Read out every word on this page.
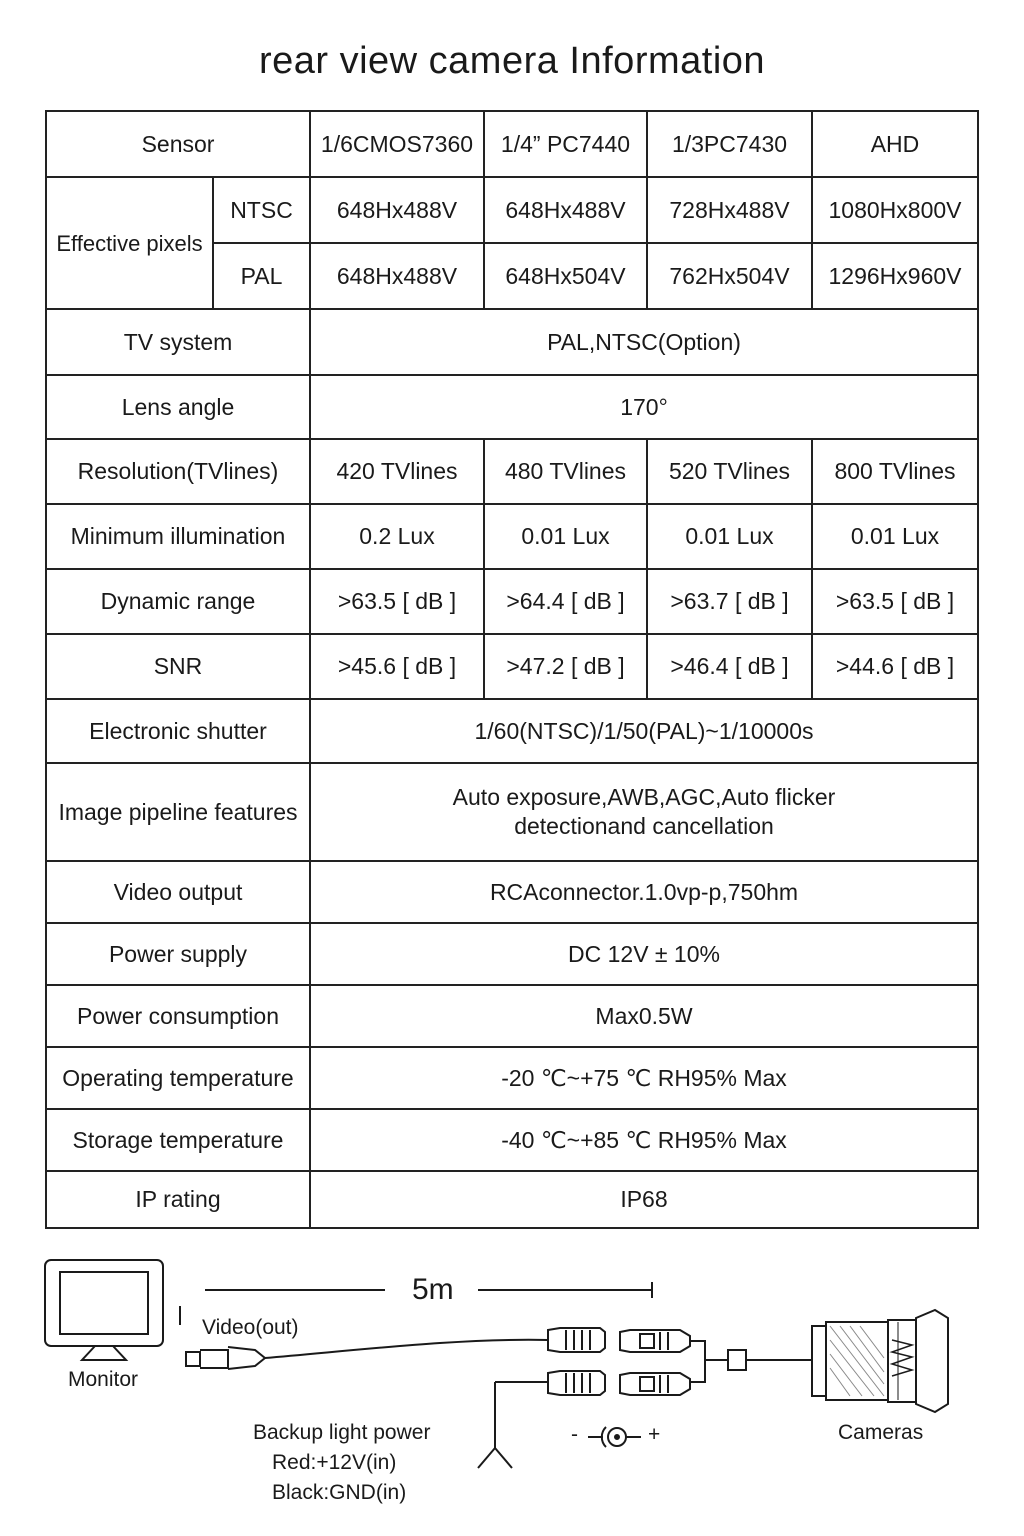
rear view camera Information
Sensor		1/6CMOS7360	1/4” PC7440	1/3PC7430	AHD
Effective pixels	NTSC	648Hx488V	648Hx488V	728Hx488V	1080Hx800V
	PAL	648Hx488V	648Hx504V	762Hx504V	1296Hx960V
TV system		PAL,NTSC(Option)			
Lens angle		170°			
Resolution(TVlines)		420 TVlines	480 TVlines	520 TVlines	800 TVlines
Minimum illumination		0.2 Lux	0.01 Lux	0.01 Lux	0.01 Lux
Dynamic range		>63.5 [ dB ]	>64.4 [ dB ]	>63.7 [ dB ]	>63.5 [ dB ]
SNR		>45.6 [ dB ]	>47.2 [ dB ]	>46.4 [ dB ]	>44.6 [ dB ]
Electronic shutter		1/60(NTSC)/1/50(PAL)~1/10000s			
Image pipeline features		Auto exposure,AWB,AGC,Auto flicker
detectionand cancellation			

Video output		RCAconnector.1.0vp-p,750hm			
Power supply		DC 12V ± 10%			
Power consumption		Max0.5W			
Operating temperature		-20 ℃~+75 ℃ RH95% Max			
Storage temperature		-40 ℃~+85 ℃ RH95% Max			
IP rating		IP68			
5m
Monitor
Video(out)
Backup light power
Red:+12V(in)
Black:GND(in)
-	+	Cameras
